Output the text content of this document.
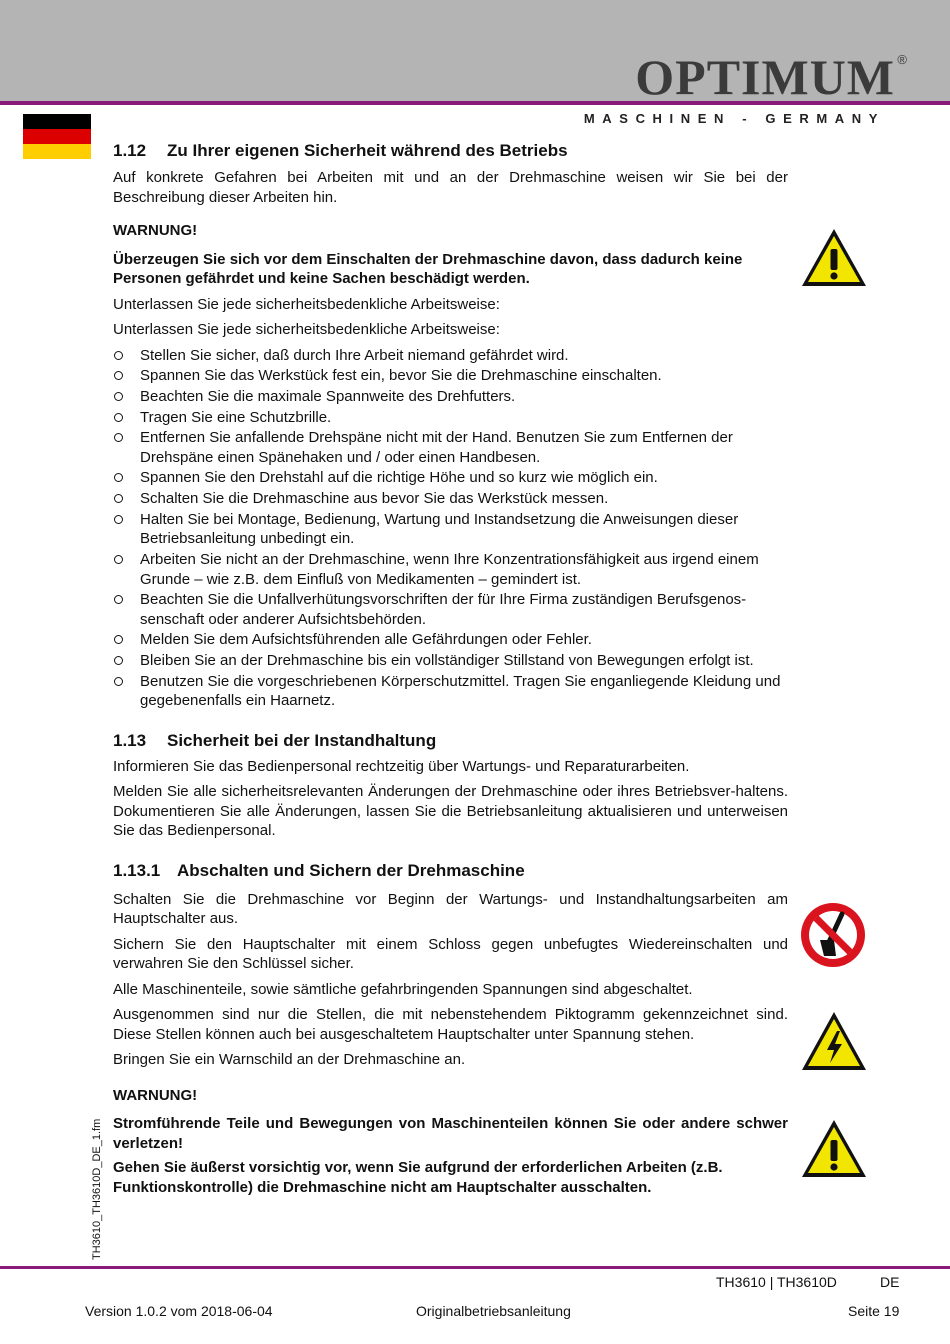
OPTIMUM ®
MASCHINEN - GERMANY
1.12 Zu Ihrer eigenen Sicherheit während des Betriebs

Auf konkrete Gefahren bei Arbeiten mit und an der Drehmaschine weisen wir Sie bei der Beschreibung dieser Arbeiten hin.

WARNUNG!

Überzeugen Sie sich vor dem Einschalten der Drehmaschine davon, dass dadurch keine Personen gefährdet und keine Sachen beschädigt werden.

Unterlassen Sie jede sicherheitsbedenkliche Arbeitsweise:

Unterlassen Sie jede sicherheitsbedenkliche Arbeitsweise:

Stellen Sie sicher, daß durch Ihre Arbeit niemand gefährdet wird.
Spannen Sie das Werkstück fest ein, bevor Sie die Drehmaschine einschalten.
Beachten Sie die maximale Spannweite des Drehfutters.
Tragen Sie eine Schutzbrille.
Entfernen Sie anfallende Drehspäne nicht mit der Hand. Benutzen Sie zum Entfernen der Drehspäne einen Spänehaken und / oder einen Handbesen.
Spannen Sie den Drehstahl auf die richtige Höhe und so kurz wie möglich ein.
Schalten Sie die Drehmaschine aus bevor Sie das Werkstück messen.
Halten Sie bei Montage, Bedienung, Wartung und Instandsetzung die Anweisungen dieser Betriebsanleitung unbedingt ein.
Arbeiten Sie nicht an der Drehmaschine, wenn Ihre Konzentrationsfähigkeit aus irgend einem Grunde – wie z.B. dem Einfluß von Medikamenten – gemindert ist.
Beachten Sie die Unfallverhütungsvorschriften der für Ihre Firma zuständigen Berufsgenos-senschaft oder anderer Aufsichtsbehörden.
Melden Sie dem Aufsichtsführenden alle Gefährdungen oder Fehler.
Bleiben Sie an der Drehmaschine bis ein vollständiger Stillstand von Bewegungen erfolgt ist.
Benutzen Sie die vorgeschriebenen Körperschutzmittel. Tragen Sie enganliegende Kleidung und gegebenenfalls ein Haarnetz.
1.13 Sicherheit bei der Instandhaltung

Informieren Sie das Bedienpersonal rechtzeitig über Wartungs- und Reparaturarbeiten.

Melden Sie alle sicherheitsrelevanten Änderungen der Drehmaschine oder ihres Betriebsver-haltens. Dokumentieren Sie alle Änderungen, lassen Sie die Betriebsanleitung aktualisieren und unterweisen Sie das Bedienpersonal.

1.13.1 Abschalten und Sichern der Drehmaschine

Schalten Sie die Drehmaschine vor Beginn der Wartungs- und Instandhaltungsarbeiten am Hauptschalter aus.

Sichern Sie den Hauptschalter mit einem Schloss gegen unbefugtes Wiedereinschalten und verwahren Sie den Schlüssel sicher.

Alle Maschinenteile, sowie sämtliche gefahrbringenden Spannungen sind abgeschaltet.

Ausgenommen sind nur die Stellen, die mit nebenstehendem Piktogramm gekennzeichnet sind. Diese Stellen können auch bei ausgeschaltetem Hauptschalter unter Spannung stehen.

Bringen Sie ein Warnschild an der Drehmaschine an.

WARNUNG!

Stromführende Teile und Bewegungen von Maschinenteilen können Sie oder andere schwer verletzen!

Gehen Sie äußerst vorsichtig vor, wenn Sie aufgrund der erforderlichen Arbeiten (z.B. Funktionskontrolle) die Drehmaschine nicht am Hauptschalter ausschalten.

TH3610_TH3610D_DE_1.fm
TH3610 | TH3610D	DE
Version 1.0.2 vom 2018-06-04	Originalbetriebsanleitung	Seite 19
